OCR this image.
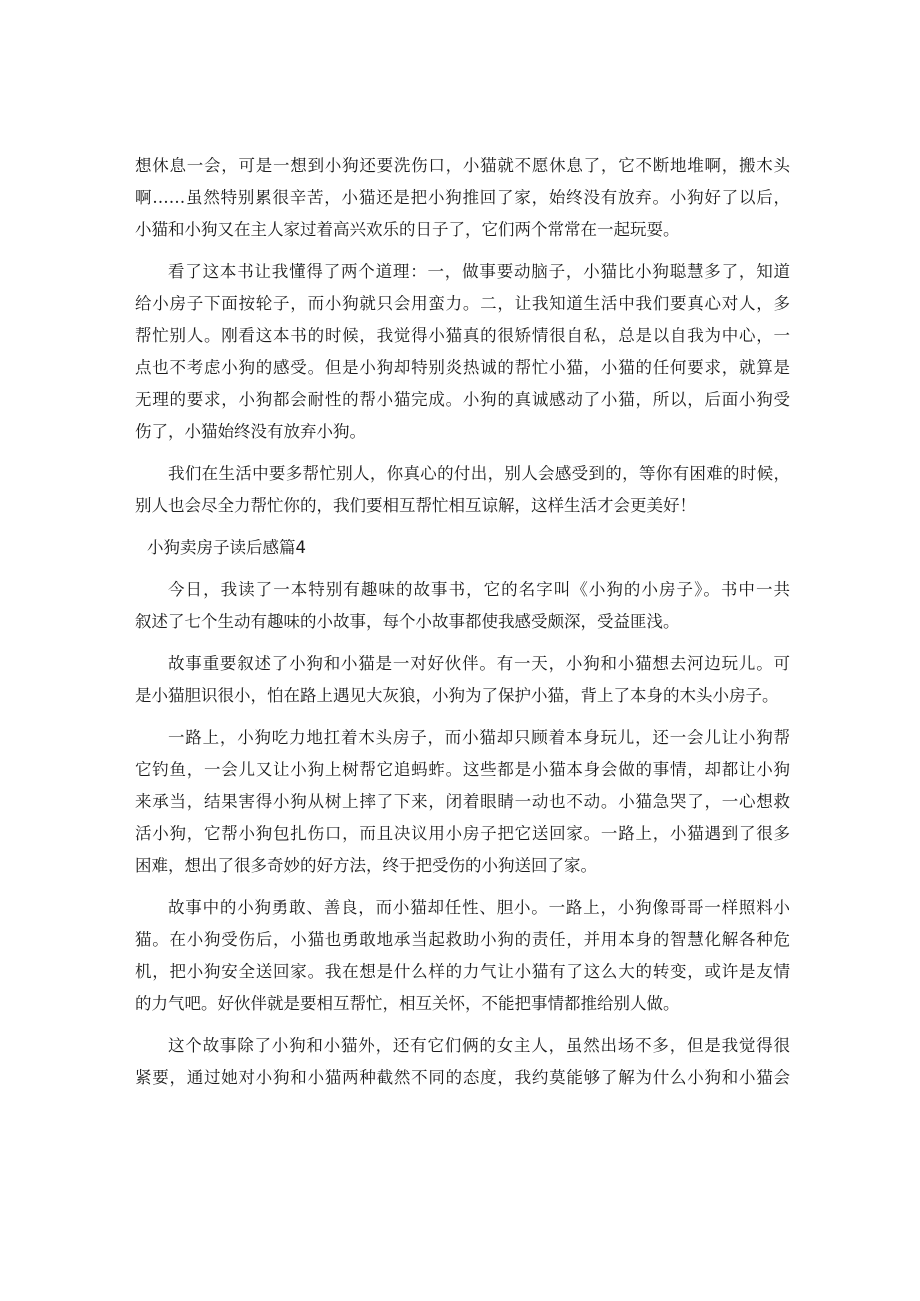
想休息一会，可是一想到小狗还要洗伤口，小猫就不愿休息了，它不断地堆啊，搬木头
啊……虽然特别累很辛苦，小猫还是把小狗推回了家，始终没有放弃。小狗好了以后，
小猫和小狗又在主人家过着高兴欢乐的日子了，它们两个常常在一起玩耍。
看了这本书让我懂得了两个道理：一，做事要动脑子，小猫比小狗聪慧多了，知道
给小房子下面按轮子，而小狗就只会用蛮力。二，让我知道生活中我们要真心对人，多
帮忙别人。刚看这本书的时候，我觉得小猫真的很矫情很自私，总是以自我为中心，一
点也不考虑小狗的感受。但是小狗却特别炎热诚的帮忙小猫，小猫的任何要求，就算是
无理的要求，小狗都会耐性的帮小猫完成。小狗的真诚感动了小猫，所以，后面小狗受
伤了，小猫始终没有放弃小狗。
我们在生活中要多帮忙别人，你真心的付出，别人会感受到的，等你有困难的时候，
别人也会尽全力帮忙你的，我们要相互帮忙相互谅解，这样生活才会更美好！
小狗卖房子读后感篇4
今日，我读了一本特别有趣味的故事书，它的名字叫《小狗的小房子》。书中一共
叙述了七个生动有趣味的小故事，每个小故事都使我感受颇深，受益匪浅。
故事重要叙述了小狗和小猫是一对好伙伴。有一天，小狗和小猫想去河边玩儿。可
是小猫胆识很小，怕在路上遇见大灰狼，小狗为了保护小猫，背上了本身的木头小房子。
一路上，小狗吃力地扛着木头房子，而小猫却只顾着本身玩儿，还一会儿让小狗帮
它钓鱼，一会儿又让小狗上树帮它追蚂蚱。这些都是小猫本身会做的事情，却都让小狗
来承当，结果害得小狗从树上摔了下来，闭着眼睛一动也不动。小猫急哭了，一心想救
活小狗，它帮小狗包扎伤口，而且决议用小房子把它送回家。一路上，小猫遇到了很多
困难，想出了很多奇妙的好方法，终于把受伤的小狗送回了家。
故事中的小狗勇敢、善良，而小猫却任性、胆小。一路上，小狗像哥哥一样照料小
猫。在小狗受伤后，小猫也勇敢地承当起救助小狗的责任，并用本身的智慧化解各种危
机，把小狗安全送回家。我在想是什么样的力气让小猫有了这么大的转变，或许是友情
的力气吧。好伙伴就是要相互帮忙，相互关怀，不能把事情都推给别人做。
这个故事除了小狗和小猫外，还有它们俩的女主人，虽然出场不多，但是我觉得很
紧要，通过她对小狗和小猫两种截然不同的态度，我约莫能够了解为什么小狗和小猫会
